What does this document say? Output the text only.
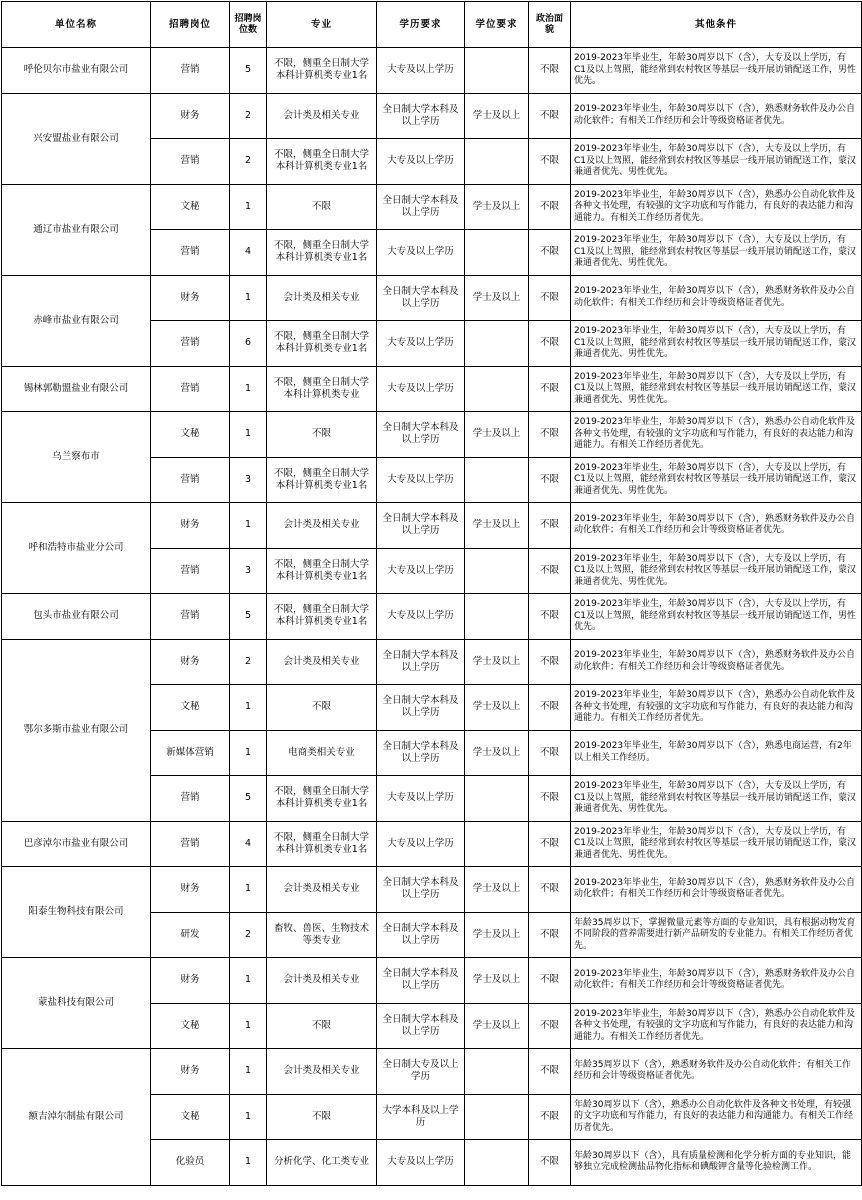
单位名称	招聘岗位	招聘岗位数	专业	学历要求	学位要求	政治面貌	其他条件
呼伦贝尔市盐业有限公司	营销	5	不限，侧重全日制大学本科计算机类专业1名	大专及以上学历		不限	2019-2023年毕业生，年龄30周岁以下（含），大专及以上学历，有C1及以上驾照，能经常到农村牧区等基层一线开展访销配送工作，男性优先。
兴安盟盐业有限公司	财务	2	会计类及相关专业	全日制大学本科及以上学历	学士及以上	不限	2019-2023年毕业生，年龄30周岁以下（含），熟悉财务软件及办公自动化软件；有相关工作经历和会计等级资格证者优先。
	营销	2	不限，侧重全日制大学本科计算机类专业1名	大专及以上学历		不限	2019-2023年毕业生，年龄30周岁以下（含），大专及以上学历，有C1及以上驾照，能经常到农村牧区等基层一线开展访销配送工作，蒙汉兼通者优先、男性优先。
通辽市盐业有限公司	文秘	1	不限	全日制大学本科及以上学历	学士及以上	不限	2019-2023年毕业生，年龄30周岁以下（含），熟悉办公自动化软件及各种文书处理，有较强的文字功底和写作能力，有良好的表达能力和沟通能力。有相关工作经历者优先。
	营销	4	不限，侧重全日制大学本科计算机类专业1名	大专及以上学历		不限	2019-2023年毕业生，年龄30周岁以下（含），大专及以上学历，有C1及以上驾照，能经常到农村牧区等基层一线开展访销配送工作，蒙汉兼通者优先、男性优先。
赤峰市盐业有限公司	财务	1	会计类及相关专业	全日制大学本科及以上学历	学士及以上	不限	2019-2023年毕业生，年龄30周岁以下（含），熟悉财务软件及办公自动化软件；有相关工作经历和会计等级资格证者优先。
	营销	6	不限，侧重全日制大学本科计算机类专业1名	大专及以上学历		不限	2019-2023年毕业生，年龄30周岁以下（含），大专及以上学历，有C1及以上驾照，能经常到农村牧区等基层一线开展访销配送工作，蒙汉兼通者优先、男性优先。
锡林郭勒盟盐业有限公司	营销	1	不限，侧重全日制大学本科计算机类专业	大专及以上学历		不限	2019-2023年毕业生，年龄30周岁以下（含），大专及以上学历，有C1及以上驾照，能经常到农村牧区等基层一线开展访销配送工作，蒙汉兼通者优先、男性优先。
乌兰察布市	文秘	1	不限	全日制大学本科及以上学历	学士及以上	不限	2019-2023年毕业生，年龄30周岁以下（含），熟悉办公自动化软件及各种文书处理，有较强的文字功底和写作能力，有良好的表达能力和沟通能力。有相关工作经历者优先。
	营销	3	不限，侧重全日制大学本科计算机类专业1名	大专及以上学历		不限	2019-2023年毕业生，年龄30周岁以下（含），大专及以上学历，有C1及以上驾照，能经常到农村牧区等基层一线开展访销配送工作，蒙汉兼通者优先、男性优先。
呼和浩特市盐业分公司	财务	1	会计类及相关专业	全日制大学本科及以上学历	学士及以上	不限	2019-2023年毕业生，年龄30周岁以下（含），熟悉财务软件及办公自动化软件；有相关工作经历和会计等级资格证者优先。
	营销	3	不限，侧重全日制大学本科计算机类专业1名	大专及以上学历		不限	2019-2023年毕业生，年龄30周岁以下（含），大专及以上学历，有C1及以上驾照，能经常到农村牧区等基层一线开展访销配送工作，蒙汉兼通者优先、男性优先。
包头市盐业有限公司	营销	5	不限，侧重全日制大学本科计算机类专业1名	大专及以上学历		不限	2019-2023年毕业生，年龄30周岁以下（含），大专及以上学历，有C1及以上驾照，能经常到农村牧区等基层一线开展访销配送工作，男性优先。
鄂尔多斯市盐业有限公司	财务	2	会计类及相关专业	全日制大学本科及以上学历	学士及以上	不限	2019-2023年毕业生，年龄30周岁以下（含），熟悉财务软件及办公自动化软件；有相关工作经历和会计等级资格证者优先。
	文秘	1	不限	全日制大学本科及以上学历	学士及以上	不限	2019-2023年毕业生，年龄30周岁以下（含），熟悉办公自动化软件及各种文书处理，有较强的文字功底和写作能力，有良好的表达能力和沟通能力。有相关工作经历者优先。
	新媒体营销	1	电商类相关专业	全日制大学本科及以上学历	学士及以上	不限	2019-2023年毕业生，年龄30周岁以下（含），熟悉电商运营，有2年以上相关工作经历。
	营销	5	不限，侧重全日制大学本科计算机类专业1名	大专及以上学历		不限	2019-2023年毕业生，年龄30周岁以下（含），大专及以上学历，有C1及以上驾照，能经常到农村牧区等基层一线开展访销配送工作，蒙汉兼通者优先、男性优先。
巴彦淖尔市盐业有限公司	营销	4	不限，侧重全日制大学本科计算机类专业1名	大专及以上学历		不限	2019-2023年毕业生，年龄30周岁以下（含），大专及以上学历，有C1及以上驾照，能经常到农村牧区等基层一线开展访销配送工作，蒙汉兼通者优先、男性优先。
阳泰生物科技有限公司	财务	1	会计类及相关专业	全日制大学本科及以上学历	学士及以上	不限	2019-2023年毕业生，年龄30周岁以下（含），熟悉财务软件及办公自动化软件；有相关工作经历和会计等级资格证者优先。
	研发	2	畜牧、兽医、生物技术等类专业	全日制大学本科及以上学历	学士及以上	不限	年龄35周岁以下，掌握微量元素等方面的专业知识，具有根据动物发育不同阶段的营养需要进行新产品研发的专业能力。有相关工作经历者优先。
蒙盐科技有限公司	财务	1	会计类及相关专业	全日制大学本科及以上学历	学士及以上	不限	2019-2023年毕业生，年龄30周岁以下（含），熟悉财务软件及办公自动化软件；有相关工作经历和会计等级资格证者优先。
	文秘	1	不限	全日制大学本科及以上学历	学士及以上	不限	2019-2023年毕业生，年龄30周岁以下（含），熟悉办公自动化软件及各种文书处理，有较强的文字功底和写作能力，有良好的表达能力和沟通能力。有相关工作经历者优先。
额吉淖尔制盐有限公司	财务	1	会计类及相关专业	全日制大专及以上学历		不限	年龄35周岁以下（含），熟悉财务软件及办公自动化软件；有相关工作经历和会计等级资格证者优先。
	文秘	1	不限	大学本科及以上学历		不限	年龄30周岁以下（含），熟悉办公自动化软件及各种文书处理，有较强的文字功底和写作能力，有良好的表达能力和沟通能力。有相关工作经历者优先。
	化验员	1	分析化学、化工类专业	大专及以上学历		不限	年龄30周岁以下（含），具有质量检测和化学分析方面的专业知识，能够独立完成检测盐品物化指标和碘酸钾含量等化验检测工作。
